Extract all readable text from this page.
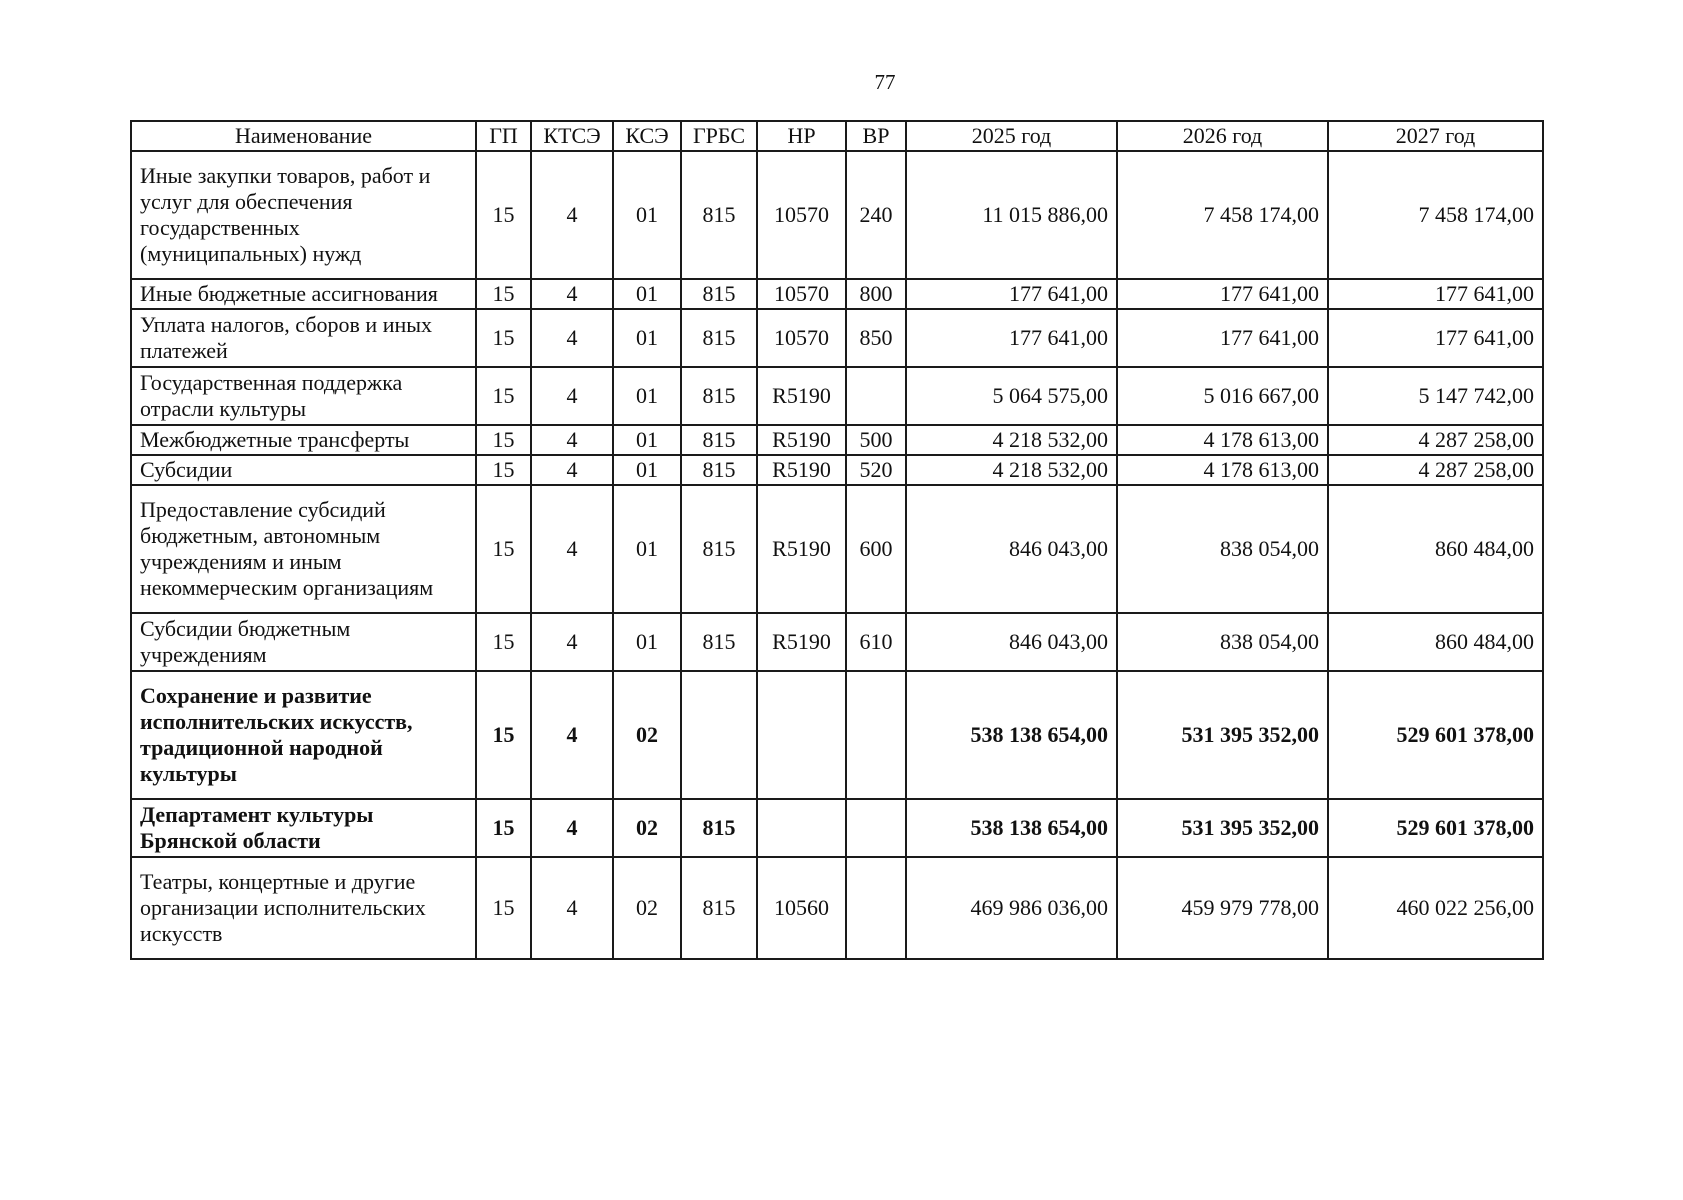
77
Наименование	ГП	КТСЭ	КСЭ	ГРБС	НР	ВР	2025 год	2026 год	2027 год
Иные закупки товаров, работ и услуг для обеспечения государственных (муниципальных) нужд	15	4	01	815	10570	240	11 015 886,00	7 458 174,00	7 458 174,00
Иные бюджетные ассигнования	15	4	01	815	10570	800	177 641,00	177 641,00	177 641,00
Уплата налогов, сборов и иных платежей	15	4	01	815	10570	850	177 641,00	177 641,00	177 641,00
Государственная поддержка отрасли культуры	15	4	01	815	R5190		5 064 575,00	5 016 667,00	5 147 742,00
Межбюджетные трансферты	15	4	01	815	R5190	500	4 218 532,00	4 178 613,00	4 287 258,00
Субсидии	15	4	01	815	R5190	520	4 218 532,00	4 178 613,00	4 287 258,00
Предоставление субсидий бюджетным, автономным учреждениям и иным некоммерческим организациям	15	4	01	815	R5190	600	846 043,00	838 054,00	860 484,00
Субсидии бюджетным учреждениям	15	4	01	815	R5190	610	846 043,00	838 054,00	860 484,00
Сохранение и развитие исполнительских искусств, традиционной народной культуры	15	4	02				538 138 654,00	531 395 352,00	529 601 378,00
Департамент культуры Брянской области	15	4	02	815			538 138 654,00	531 395 352,00	529 601 378,00
Театры, концертные и другие организации исполнительских искусств	15	4	02	815	10560		469 986 036,00	459 979 778,00	460 022 256,00
